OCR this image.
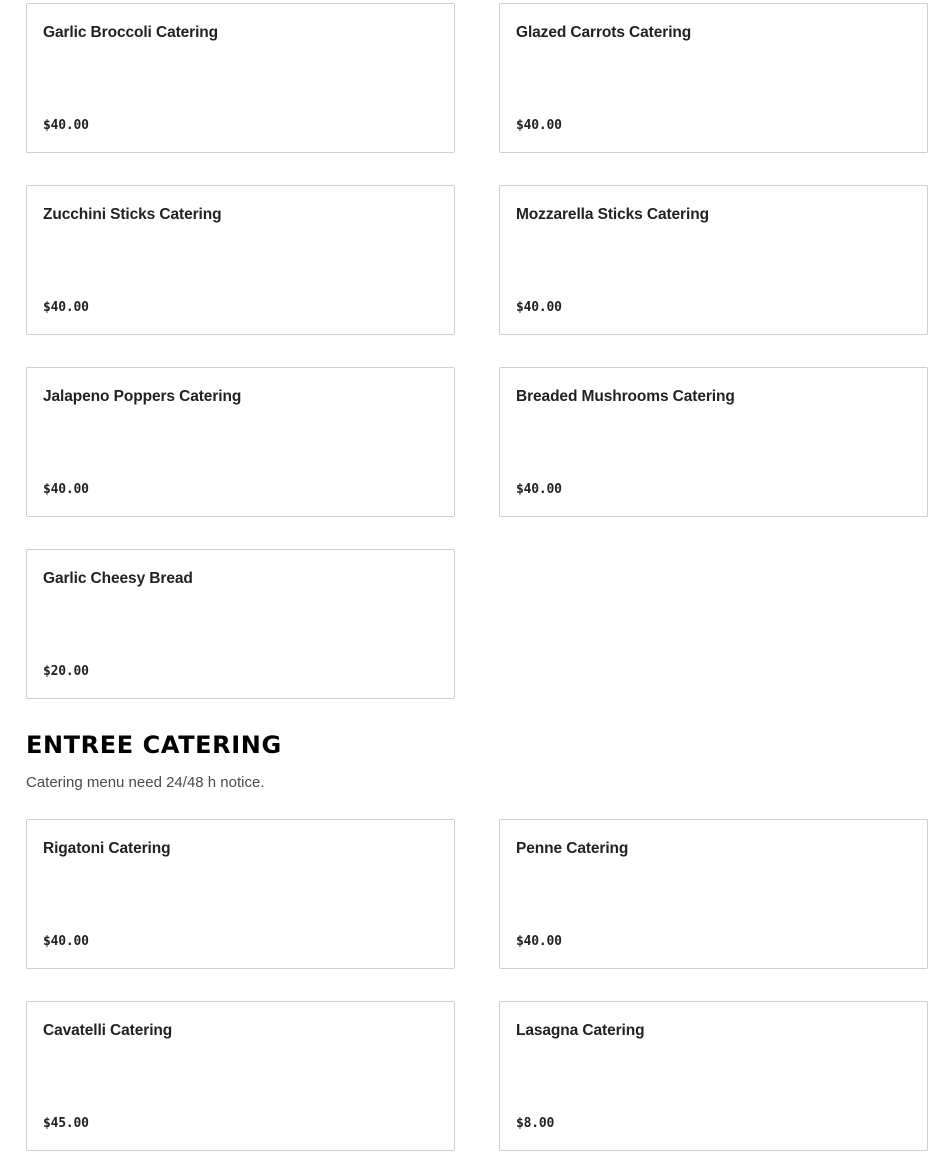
Garlic Broccoli Catering
$40.00
Glazed Carrots Catering
$40.00
Zucchini Sticks Catering
$40.00
Mozzarella Sticks Catering
$40.00
Jalapeno Poppers Catering
$40.00
Breaded Mushrooms Catering
$40.00
Garlic Cheesy Bread
$20.00
ENTREE CATERING

Catering menu need 24/48 h notice.

Rigatoni Catering
$40.00
Penne Catering
$40.00
Cavatelli Catering
$45.00
Lasagna Catering
$8.00
